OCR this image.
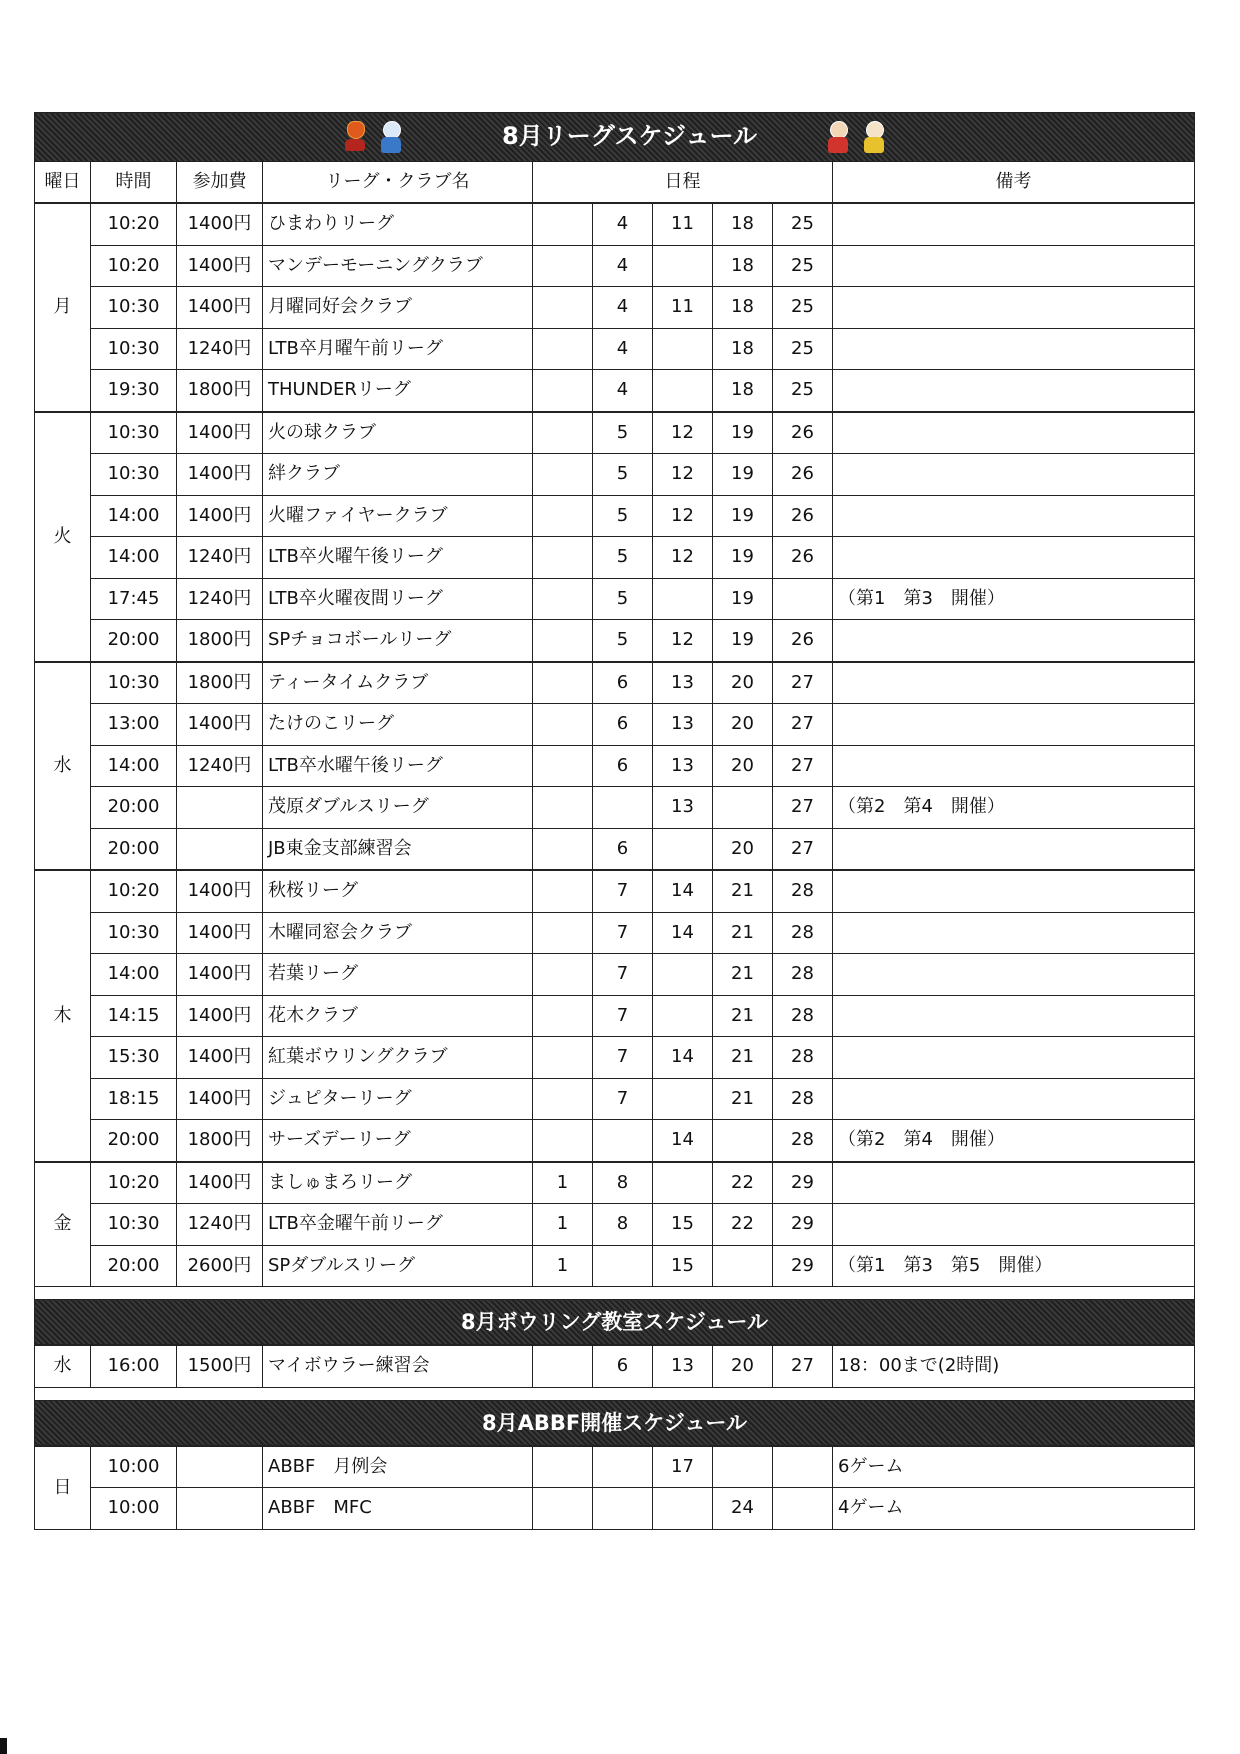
8月リーグスケジュール									

曜日	時間	参加費	リーグ・クラブ名	日程					備考
月	10:20	1400円	ひまわりリーグ		4	11	18	25	
	10:20	1400円	マンデーモーニングクラブ		4		18	25	
	10:30	1400円	月曜同好会クラブ		4	11	18	25	
	10:30	1240円	LTB卒月曜午前リーグ		4		18	25	
	19:30	1800円	THUNDERリーグ		4		18	25	
火	10:30	1400円	火の球クラブ		5	12	19	26	
	10:30	1400円	絆クラブ		5	12	19	26	
	14:00	1400円	火曜ファイヤークラブ		5	12	19	26	
	14:00	1240円	LTB卒火曜午後リーグ		5	12	19	26	
	17:45	1240円	LTB卒火曜夜間リーグ		5		19		（第1　第3　開催）
	20:00	1800円	SPチョコボールリーグ		5	12	19	26	
水	10:30	1800円	ティータイムクラブ		6	13	20	27	
	13:00	1400円	たけのこリーグ		6	13	20	27	
	14:00	1240円	LTB卒水曜午後リーグ		6	13	20	27	
	20:00		茂原ダブルスリーグ			13		27	（第2　第4　開催）
	20:00		JB東金支部練習会		6		20	27	
木	10:20	1400円	秋桜リーグ		7	14	21	28	
	10:30	1400円	木曜同窓会クラブ		7	14	21	28	
	14:00	1400円	若葉リーグ		7		21	28	
	14:15	1400円	花木クラブ		7		21	28	
	15:30	1400円	紅葉ボウリングクラブ		7	14	21	28	
	18:15	1400円	ジュピターリーグ		7		21	28	
	20:00	1800円	サーズデーリーグ			14		28	（第2　第4　開催）
金	10:20	1400円	ましゅまろリーグ	1	8		22	29	
	10:30	1240円	LTB卒金曜午前リーグ	1	8	15	22	29	
	20:00	2600円	SPダブルスリーグ	1		15		29	（第1　第3　第5　開催）

8月ボウリング教室スケジュール									
水	16:00	1500円	マイボウラー練習会		6	13	20	27	18：00まで(2時間)

8月ABBF開催スケジュール									
日	10:00		ABBF　月例会			17			6ゲーム
	10:00		ABBF　MFC				24		4ゲーム
